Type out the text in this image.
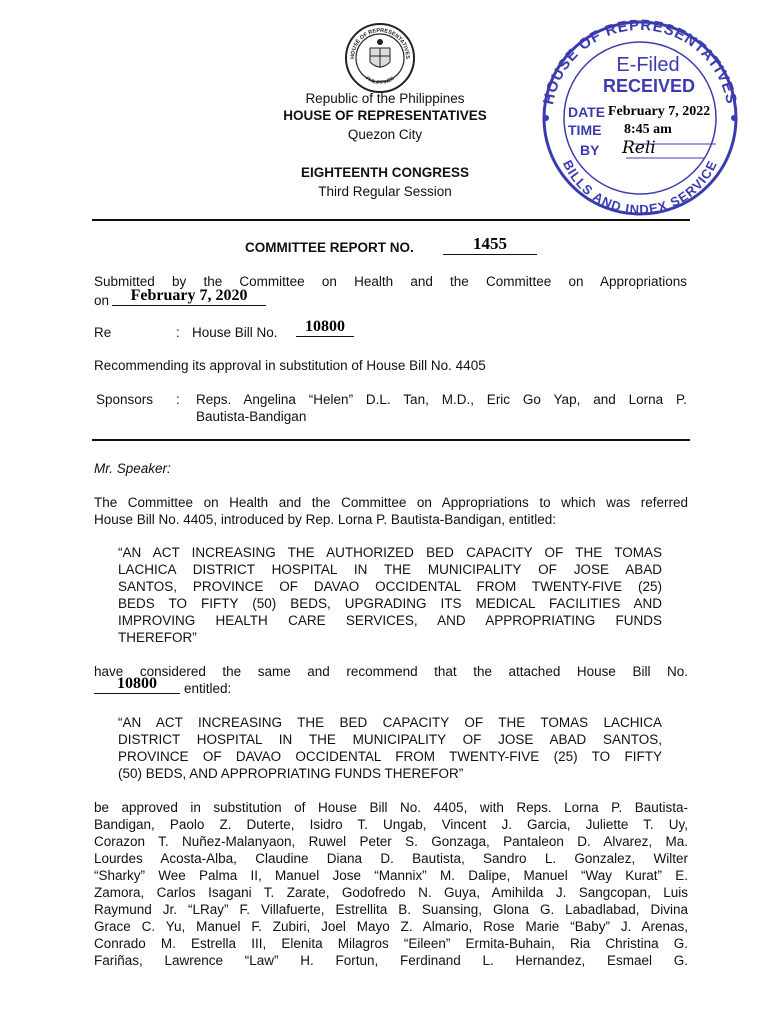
HOUSE OF REPRESENTATIVES
PHILIPPINES
Republic of the Philippines
HOUSE OF REPRESENTATIVES
Quezon City
EIGHTEENTH CONGRESS
Third Regular Session
HOUSE OF REPRESENTATIVES
BILLS AND INDEX SERVICE
E-Filed
RECEIVED
DATE February 7, 2022
TIME 8:45 am
BY Reli
COMMITTEE REPORT NO.	1455
Submitted by the Committee on Health and the Committee on Appropriations
on	February 7, 2020
Re	: House Bill No.	10800
Recommending its approval in substitution of House Bill No. 4405
Sponsors : Reps. Angelina “Helen” D.L. Tan, M.D., Eric Go Yap, and Lorna P.
Bautista-Bandigan
Mr. Speaker:
The Committee on Health and the Committee on Appropriations to which was referred
House Bill No. 4405, introduced by Rep. Lorna P. Bautista-Bandigan, entitled:
“AN ACT INCREASING THE AUTHORIZED BED CAPACITY OF THE TOMAS
LACHICA DISTRICT HOSPITAL IN THE MUNICIPALITY OF JOSE ABAD
SANTOS, PROVINCE OF DAVAO OCCIDENTAL FROM TWENTY-FIVE (25)
BEDS TO FIFTY (50) BEDS, UPGRADING ITS MEDICAL FACILITIES AND
IMPROVING HEALTH CARE SERVICES, AND APPROPRIATING FUNDS
THEREFOR”
have considered the same and recommend that the attached House Bill No.
10800	entitled:
“AN ACT INCREASING THE BED CAPACITY OF THE TOMAS LACHICA
DISTRICT HOSPITAL IN THE MUNICIPALITY OF JOSE ABAD SANTOS,
PROVINCE OF DAVAO OCCIDENTAL FROM TWENTY-FIVE (25) TO FIFTY
(50) BEDS, AND APPROPRIATING FUNDS THEREFOR”
be approved in substitution of House Bill No. 4405, with Reps. Lorna P. Bautista-
Bandigan, Paolo Z. Duterte, Isidro T. Ungab, Vincent J. Garcia, Juliette T. Uy,
Corazon T. Nuñez-Malanyaon, Ruwel Peter S. Gonzaga, Pantaleon D. Alvarez, Ma.
Lourdes Acosta-Alba, Claudine Diana D. Bautista, Sandro L. Gonzalez, Wilter
“Sharky” Wee Palma II, Manuel Jose “Mannix” M. Dalipe, Manuel “Way Kurat” E.
Zamora, Carlos Isagani T. Zarate, Godofredo N. Guya, Amihilda J. Sangcopan, Luis
Raymund Jr. “LRay” F. Villafuerte, Estrellita B. Suansing, Glona G. Labadlabad, Divina
Grace C. Yu, Manuel F. Zubiri, Joel Mayo Z. Almario, Rose Marie “Baby” J. Arenas,
Conrado M. Estrella III, Elenita Milagros “Eileen” Ermita-Buhain, Ria Christina G.
Fariñas, Lawrence “Law” H. Fortun, Ferdinand L. Hernandez, Esmael G.
